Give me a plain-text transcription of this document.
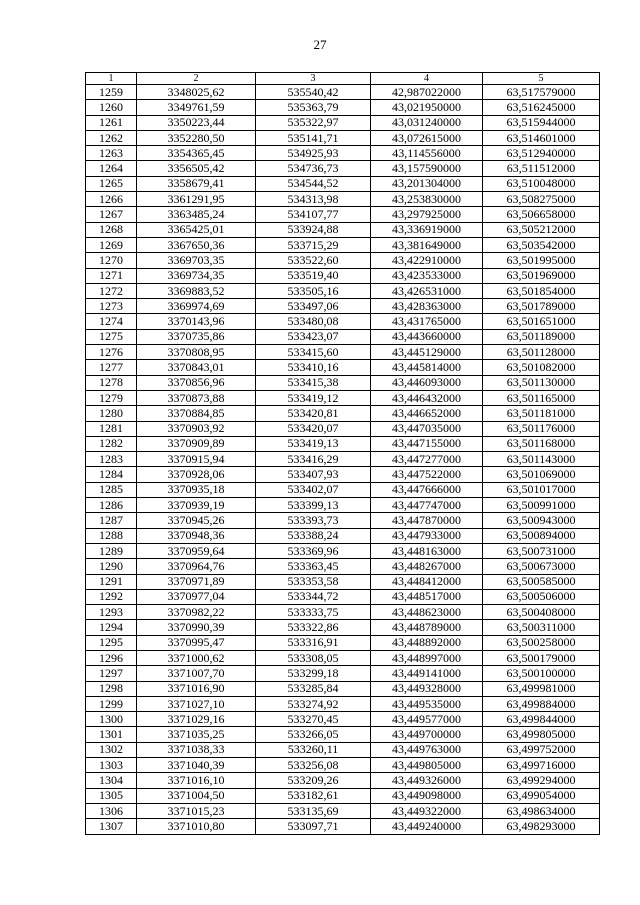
27
1	2	3	4	5
1259	3348025,62	535540,42	42,987022000	63,517579000
1260	3349761,59	535363,79	43,021950000	63,516245000
1261	3350223,44	535322,97	43,031240000	63,515944000
1262	3352280,50	535141,71	43,072615000	63,514601000
1263	3354365,45	534925,93	43,114556000	63,512940000
1264	3356505,42	534736,73	43,157590000	63,511512000
1265	3358679,41	534544,52	43,201304000	63,510048000
1266	3361291,95	534313,98	43,253830000	63,508275000
1267	3363485,24	534107,77	43,297925000	63,506658000
1268	3365425,01	533924,88	43,336919000	63,505212000
1269	3367650,36	533715,29	43,381649000	63,503542000
1270	3369703,35	533522,60	43,422910000	63,501995000
1271	3369734,35	533519,40	43,423533000	63,501969000
1272	3369883,52	533505,16	43,426531000	63,501854000
1273	3369974,69	533497,06	43,428363000	63,501789000
1274	3370143,96	533480,08	43,431765000	63,501651000
1275	3370735,86	533423,07	43,443660000	63,501189000
1276	3370808,95	533415,60	43,445129000	63,501128000
1277	3370843,01	533410,16	43,445814000	63,501082000
1278	3370856,96	533415,38	43,446093000	63,501130000
1279	3370873,88	533419,12	43,446432000	63,501165000
1280	3370884,85	533420,81	43,446652000	63,501181000
1281	3370903,92	533420,07	43,447035000	63,501176000
1282	3370909,89	533419,13	43,447155000	63,501168000
1283	3370915,94	533416,29	43,447277000	63,501143000
1284	3370928,06	533407,93	43,447522000	63,501069000
1285	3370935,18	533402,07	43,447666000	63,501017000
1286	3370939,19	533399,13	43,447747000	63,500991000
1287	3370945,26	533393,73	43,447870000	63,500943000
1288	3370948,36	533388,24	43,447933000	63,500894000
1289	3370959,64	533369,96	43,448163000	63,500731000
1290	3370964,76	533363,45	43,448267000	63,500673000
1291	3370971,89	533353,58	43,448412000	63,500585000
1292	3370977,04	533344,72	43,448517000	63,500506000
1293	3370982,22	533333,75	43,448623000	63,500408000
1294	3370990,39	533322,86	43,448789000	63,500311000
1295	3370995,47	533316,91	43,448892000	63,500258000
1296	3371000,62	533308,05	43,448997000	63,500179000
1297	3371007,70	533299,18	43,449141000	63,500100000
1298	3371016,90	533285,84	43,449328000	63,499981000
1299	3371027,10	533274,92	43,449535000	63,499884000
1300	3371029,16	533270,45	43,449577000	63,499844000
1301	3371035,25	533266,05	43,449700000	63,499805000
1302	3371038,33	533260,11	43,449763000	63,499752000
1303	3371040,39	533256,08	43,449805000	63,499716000
1304	3371016,10	533209,26	43,449326000	63,499294000
1305	3371004,50	533182,61	43,449098000	63,499054000
1306	3371015,23	533135,69	43,449322000	63,498634000
1307	3371010,80	533097,71	43,449240000	63,498293000
